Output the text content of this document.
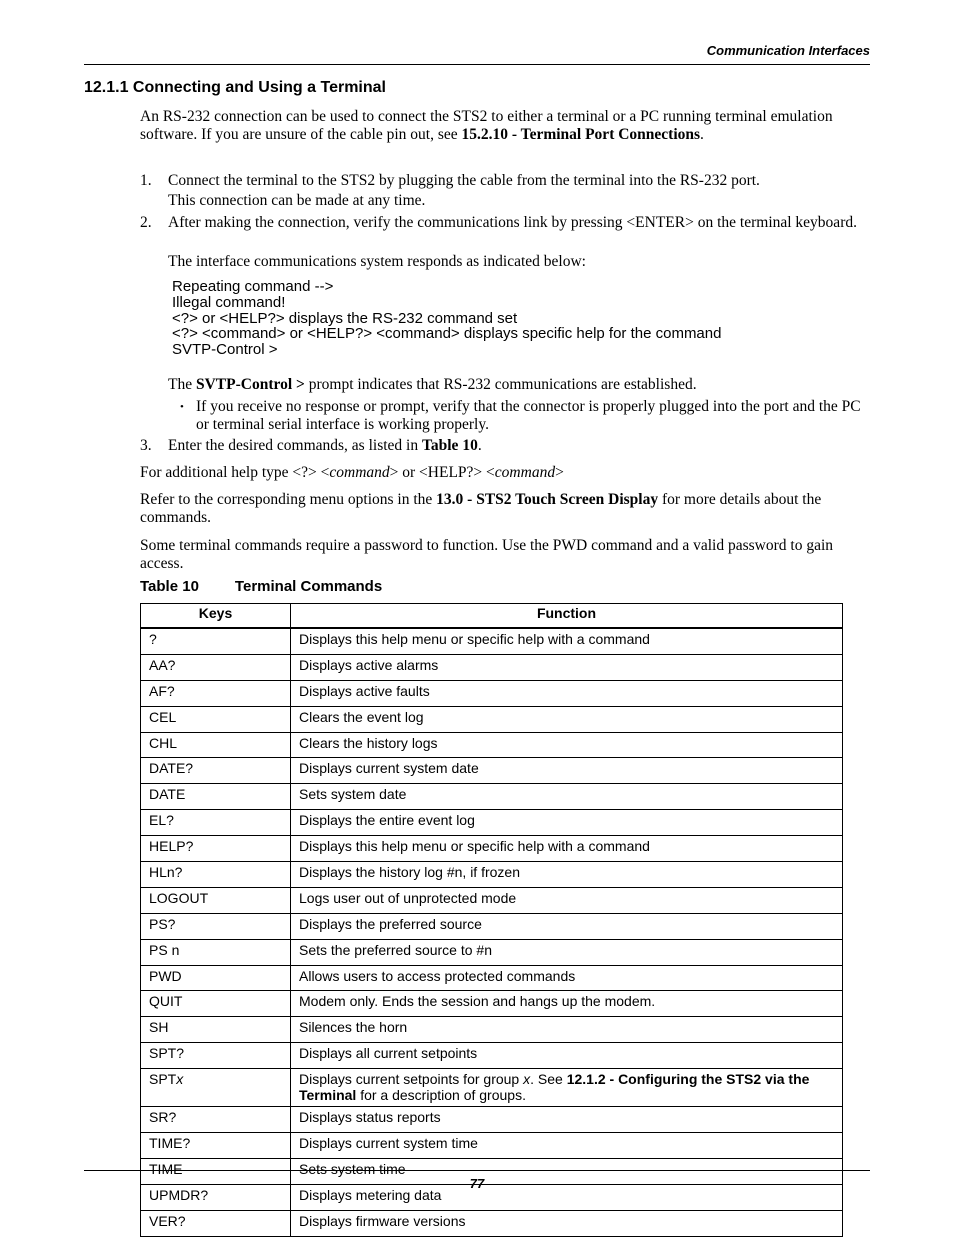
Communication Interfaces
12.1.1 Connecting and Using a Terminal
An RS-232 connection can be used to connect the STS2 to either a terminal or a PC running terminal emulation software. If you are unsure of the cable pin out, see 15.2.10 - Terminal Port Connections.
1. Connect the terminal to the STS2 by plugging the cable from the terminal into the RS-232 port.
This connection can be made at any time.
2. After making the connection, verify the communications link by pressing <ENTER> on the terminal keyboard.
The interface communications system responds as indicated below:
Repeating command -->
Illegal command!
<?> or <HELP?> displays the RS-232 command set
<?> <command> or <HELP?> <command> displays specific help for the command
SVTP-Control >
The SVTP-Control > prompt indicates that RS-232 communications are established.
• If you receive no response or prompt, verify that the connector is properly plugged into the port and the PC or terminal serial interface is working properly.
3. Enter the desired commands, as listed in Table 10.
For additional help type <?> <command> or <HELP?> <command>
Refer to the corresponding menu options in the 13.0 - STS2 Touch Screen Display for more details about the commands.
Some terminal commands require a password to function. Use the PWD command and a valid password to gain access.
Table 10 Terminal Commands
Keys	Function
?	Displays this help menu or specific help with a command
AA?	Displays active alarms
AF?	Displays active faults
CEL	Clears the event log
CHL	Clears the history logs
DATE?	Displays current system date
DATE	Sets system date
EL?	Displays the entire event log
HELP?	Displays this help menu or specific help with a command
HLn?	Displays the history log #n, if frozen
LOGOUT	Logs user out of unprotected mode
PS?	Displays the preferred source
PS n	Sets the preferred source to #n
PWD	Allows users to access protected commands
QUIT	Modem only. Ends the session and hangs up the modem.
SH	Silences the horn
SPT?	Displays all current setpoints
SPTx	Displays current setpoints for group x. See 12.1.2 - Configuring the STS2 via the Terminal for a description of groups.
SR?	Displays status reports
TIME?	Displays current system time
TIME	Sets system time
UPMDR?	Displays metering data
VER?	Displays firmware versions
77
